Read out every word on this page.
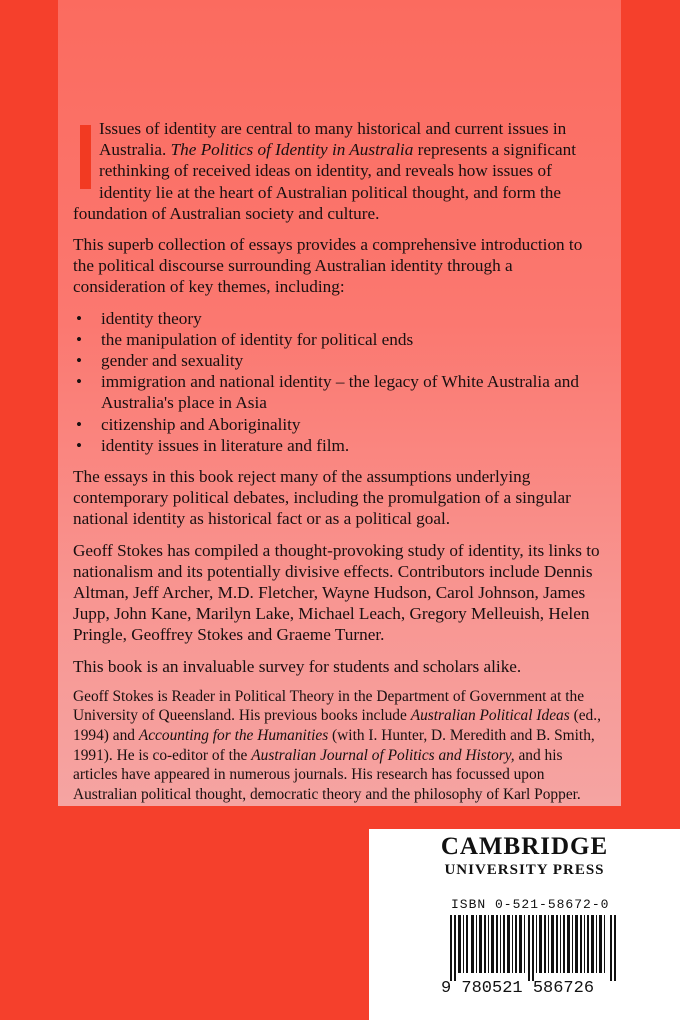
Issues of identity are central to many historical and current issues in Australia. The Politics of Identity in Australia represents a significant rethinking of received ideas on identity, and reveals how issues of identity lie at the heart of Australian political thought, and form the foundation of Australian society and culture.

This superb collection of essays provides a comprehensive introduction to the political discourse surrounding Australian identity through a consideration of key themes, including:

• identity theory
• the manipulation of identity for political ends
• gender and sexuality
• immigration and national identity – the legacy of White Australia and Australia's place in Asia
• citizenship and Aboriginality
• identity issues in literature and film.

The essays in this book reject many of the assumptions underlying contemporary political debates, including the promulgation of a singular national identity as historical fact or as a political goal.

Geoff Stokes has compiled a thought-provoking study of identity, its links to nationalism and its potentially divisive effects. Contributors include Dennis Altman, Jeff Archer, M.D. Fletcher, Wayne Hudson, Carol Johnson, James Jupp, John Kane, Marilyn Lake, Michael Leach, Gregory Melleuish, Helen Pringle, Geoffrey Stokes and Graeme Turner.

This book is an invaluable survey for students and scholars alike.

Geoff Stokes is Reader in Political Theory in the Department of Government at the University of Queensland. His previous books include Australian Political Ideas (ed., 1994) and Accounting for the Humanities (with I. Hunter, D. Meredith and B. Smith, 1991). He is co-editor of the Australian Journal of Politics and History, and his articles have appeared in numerous journals. His research has focussed upon Australian political thought, democratic theory and the philosophy of Karl Popper.

CAMBRIDGE
UNIVERSITY PRESS
ISBN 0-521-58672-0
9 780521 586726
